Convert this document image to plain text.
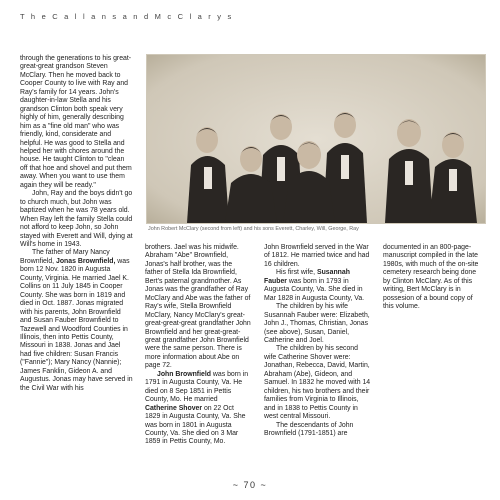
T h e C a l l a n s a n d M c C l a r y s

through the generations to his great-great-great grandson Steven McClary. Then he moved back to Cooper County to live with Ray and Ray's family for 14 years. John's daughter-in-law Stella and his grandson Clinton both speak very highly of him, generally describing him as a "fine old man" who was friendly, kind, considerate and helpful. He was good to Stella and helped her with chores around the house. He taught Clinton to "clean off that hoe and shovel and put them away. When you want to use them again they will be ready."

John, Ray and the boys didn't go to church much, but John was baptized when he was 78 years old. When Ray left the family Stella could not afford to keep John, so John stayed with Everett and Will, dying at Will's home in 1943.

The father of Mary Nancy Brownfield, Jonas Brownfield, was born 12 Nov. 1820 in Augusta County, Virginia. He married Jael K. Collins on 11 July 1845 in Cooper County. She was born in 1819 and died in Oct. 1887. Jonas migrated with his parents, John Brownfield and Susan Fauber Brownfield to Tazewell and Woodford Counties in Illinois, then into Pettis County, Missouri in 1838. Jonas and Jael had five children: Susan Francis ("Fannie"); Mary Nancy (Nannie); James Fanklin, Gideon A. and Augustus. Jonas may have served in the Civil War with his

John Robert McClary (second from left) and his sons Everett, Charley, Will, George, Ray

brothers. Jael was his midwife. Abraham "Abe" Brownfield, Jonas's half brother, was the father of Stella Ida Brownfield, Bert's paternal grandmother. As Jonas was the grandfather of Ray McClary and Abe was the father of Ray's wife, Stella Brownfield McClary, Nancy McClary's great-great-great-great grandfather John Brownfield and her great-great-great grandfather John Brownfield were the same person. There is more information about Abe on page 72.

John Brownfield was born in 1791 in Augusta County, Va. He died on 8 Sep 1851 in Pettis County, Mo. He married Catherine Shover on 22 Oct 1829 in Augusta County, Va. She was born in 1801 in Augusta County, Va. She died on 3 Mar 1859 in Pettis County, Mo.

John Brownfield served in the War of 1812. He married twice and had 16 children.

His first wife, Susannah Fauber was born in 1793 in Augusta County, Va. She died in Mar 1828 in Augusta County, Va.

The children by his wife Susannah Fauber were: Elizabeth, John J., Thomas, Christian, Jonas (see above), Susan, Daniel, Catherine and Joel.

The children by his second wife Catherine Shover were: Jonathan, Rebecca, David, Martin, Abraham (Abe), Gideon, and Samuel. In 1832 he moved with 14 children, his two brothers and their families from Virginia to Illinois, and in 1838 to Pettis County in west central Missouri.

The descendants of John Brownfield (1791-1851) are

documented in an 800-page-manuscript compiled in the late 1980s, with much of the on-site cemetery research being done by Clinton McClary. As of this writing, Bert McClary is in possesion of a bound copy of this volume.

~ 70 ~
